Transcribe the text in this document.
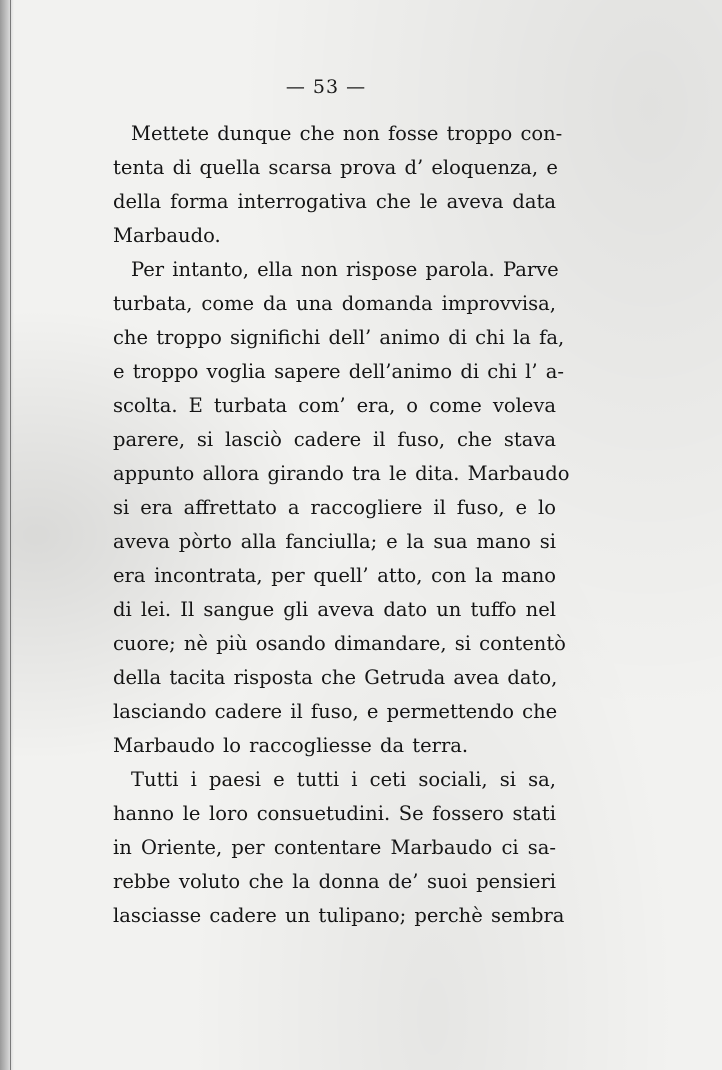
— 53 —
Mettete dunque che non fosse troppo con-
tenta di quella scarsa prova d’ eloquenza, e
della forma interrogativa che le aveva data
Marbaudo.
Per intanto, ella non rispose parola. Parve
turbata, come da una domanda improvvisa,
che troppo significhi dell’ animo di chi la fa,
e troppo voglia sapere dell’animo di chi l’ a-
scolta. E turbata com’ era, o come voleva
parere, si lasciò cadere il fuso, che stava
appunto allora girando tra le dita. Marbaudo
si era affrettato a raccogliere il fuso, e lo
aveva pòrto alla fanciulla; e la sua mano si
era incontrata, per quell’ atto, con la mano
di lei. Il sangue gli aveva dato un tuffo nel
cuore; nè più osando dimandare, si contentò
della tacita risposta che Getruda avea dato,
lasciando cadere il fuso, e permettendo che
Marbaudo lo raccogliesse da terra.
Tutti i paesi e tutti i ceti sociali, si sa,
hanno le loro consuetudini. Se fossero stati
in Oriente, per contentare Marbaudo ci sa-
rebbe voluto che la donna de’ suoi pensieri
lasciasse cadere un tulipano; perchè sembra
